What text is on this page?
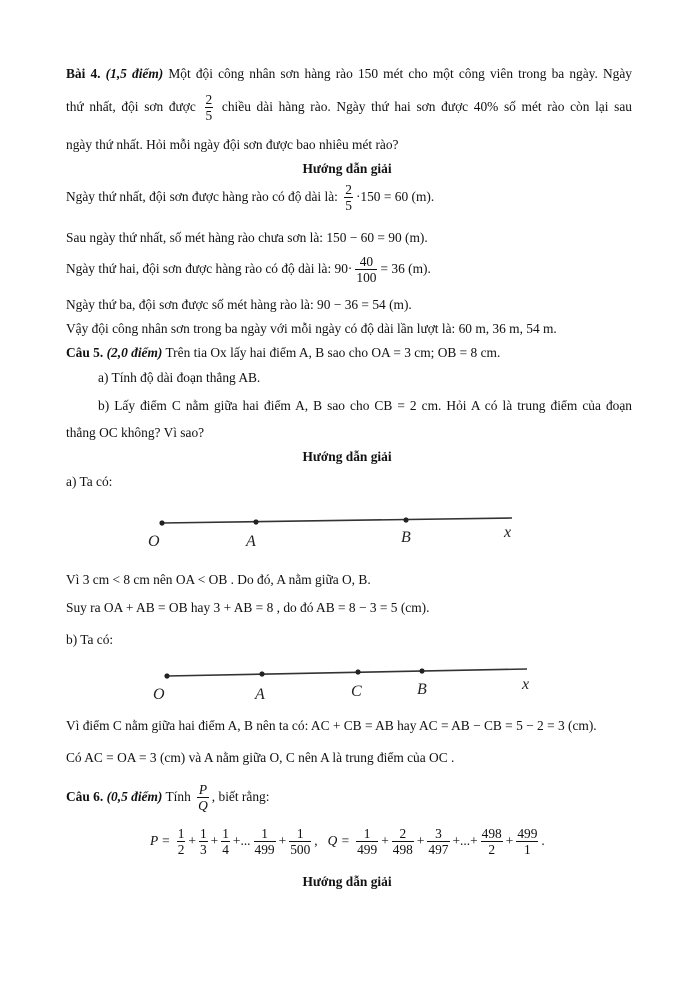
Bài 4. (1,5 điểm) Một đội công nhân sơn hàng rào 150 mét cho một công viên trong ba ngày. Ngày
thứ nhất, đội sơn được $\frac{2}{5}$ chiều dài hàng rào. Ngày thứ hai sơn được 40% số mét rào còn lại sau
ngày thứ nhất. Hỏi mỗi ngày đội sơn được bao nhiêu mét rào?
Hướng dẫn giải
Ngày thứ nhất, đội sơn được hàng rào có độ dài là: $\frac{2}{5} \cdot 150 = 60$ (m).
Sau ngày thứ nhất, số mét hàng rào chưa sơn là: 150 − 60 = 90 (m).
Ngày thứ hai, đội sơn được hàng rào có độ dài là: $90\cdot \frac{40}{100} = 36$ (m).
Ngày thứ ba, đội sơn được số mét hàng rào là: 90 − 36 = 54 (m).
Vậy đội công nhân sơn trong ba ngày với mỗi ngày có độ dài lần lượt là: 60 m, 36 m, 54 m.
Câu 5. (2,0 điểm) Trên tia Ox lấy hai điểm A, B sao cho OA = 3 cm; OB = 8 cm.
a) Tính độ dài đoạn thẳng AB.
b) Lấy điểm C nằm giữa hai điểm A, B sao cho CB = 2 cm. Hỏi A có là trung điểm của đoạn
thẳng OC không? Vì sao?
Hướng dẫn giải
a) Ta có:
Vì 3 cm < 8 cm nên OA < OB . Do đó, A nằm giữa O, B.
Suy ra OA + AB = OB hay 3 + AB = 8 , do đó AB = 8 − 3 = 5 (cm).
b) Ta có:
Vì điểm C nằm giữa hai điểm A, B nên ta có: AC + CB = AB hay AC = AB − CB = 5 − 2 = 3 (cm).
Có AC = OA = 3 (cm) và A nằm giữa O, C nên A là trung điểm của OC .
Câu 6. (0,5 điểm) Tính $\frac{P}{Q}$ , biết rằng:
$P = \frac{1}{2} + \frac{1}{3} + \frac{1}{4}$ +... $\frac{1}{499} + \frac{1}{500}$ ,   $Q = \frac{1}{499} + \frac{2}{498} + \frac{3}{497}$ +...+ $\frac{498}{2} + \frac{499}{1}$ .
Hướng dẫn giải
O	A	B	x
O	A	C	B	x
